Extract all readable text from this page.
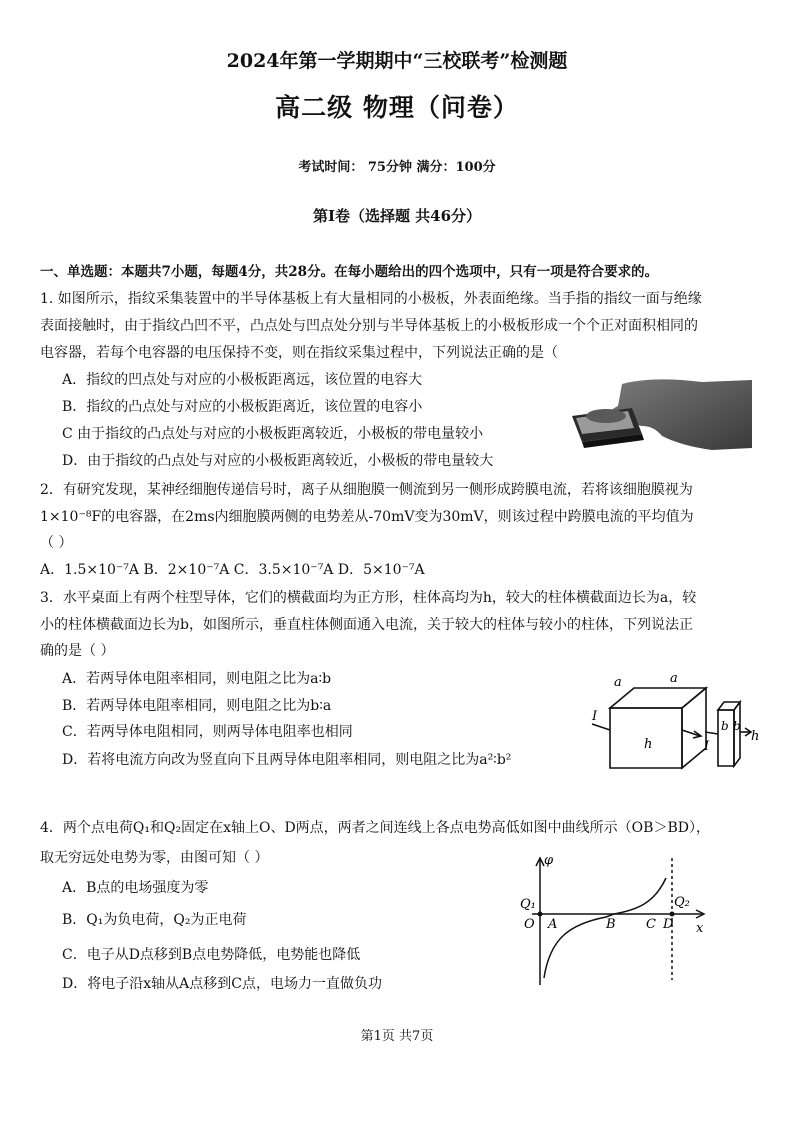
2024年第一学期期中“三校联考”检测题
高二级 物理（问卷）
考试时间： 75分钟 满分：100分
第Ⅰ卷（选择题 共46分）
一、单选题：本题共7小题，每题4分，共28分。在每小题给出的四个选项中，只有一项是符合要求的。
1. 如图所示，指纹采集装置中的半导体基板上有大量相同的小极板，外表面绝缘。当手指的指纹一面与绝缘
表面接触时，由于指纹凸凹不平，凸点处与凹点处分别与半导体基板上的小极板形成一个个正对面积相同的
电容器，若每个电容器的电压保持不变，则在指纹采集过程中，下列说法正确的是（
A．指纹的凹点处与对应的小极板距离远，该位置的电容大
B．指纹的凸点处与对应的小极板距离近，该位置的电容小
C 由于指纹的凸点处与对应的小极板距离较近，小极板的带电量较小
D．由于指纹的凸点处与对应的小极板距离较近，小极板的带电量较大
2．有研究发现，某神经细胞传递信号时，离子从细胞膜一侧流到另一侧形成跨膜电流，若将该细胞膜视为
1×10⁻⁸F的电容器，在2ms内细胞膜两侧的电势差从-70mV变为30mV，则该过程中跨膜电流的平均值为
（ ）
A．1.5×10⁻⁷A B．2×10⁻⁷A C．3.5×10⁻⁷A D．5×10⁻⁷A
3．水平桌面上有两个柱型导体，它们的横截面均为正方形，柱体高均为h，较大的柱体横截面边长为a，较
小的柱体横截面边长为b，如图所示，垂直柱体侧面通入电流，关于较大的柱体与较小的柱体，下列说法正
确的是（ ）
A．若两导体电阻率相同，则电阻之比为a∶b
B．若两导体电阻率相同，则电阻之比为b∶a
C．若两导体电阻相同，则两导体电阻率也相同
D．若将电流方向改为竖直向下且两导体电阻率相同，则电阻之比为a²∶b²
a	a
h
I
I
b b
h
4．两个点电荷Q₁和Q₂固定在x轴上O、D两点，两者之间连线上各点电势高低如图中曲线所示（OB＞BD），
取无穷远处电势为零，由图可知（ ）
A．B点的电场强度为零
B．Q₁为负电荷，Q₂为正电荷
C．电子从D点移到B点电势降低，电势能也降低
D．将电子沿x轴从A点移到C点，电场力一直做负功
φ
x
O A	B C D
Q₁	Q₂
第1页 共7页
